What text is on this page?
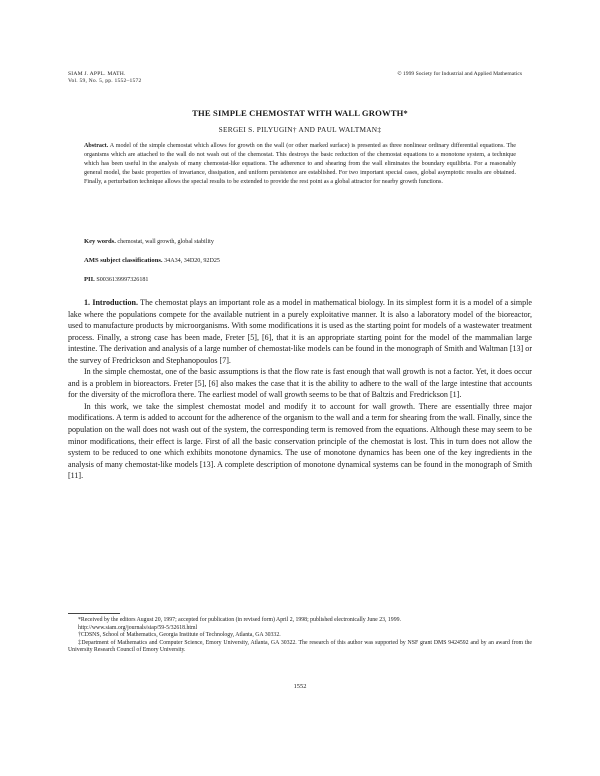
SIAM J. APPL. MATH.
Vol. 59, No. 5, pp. 1552–1572
© 1999 Society for Industrial and Applied Mathematics
THE SIMPLE CHEMOSTAT WITH WALL GROWTH*
SERGEI S. PILYUGIN† AND PAUL WALTMAN‡
Abstract. A model of the simple chemostat which allows for growth on the wall (or other marked surface) is presented as three nonlinear ordinary differential equations. The organisms which are attached to the wall do not wash out of the chemostat. This destroys the basic reduction of the chemostat equations to a monotone system, a technique which has been useful in the analysis of many chemostat-like equations. The adherence to and shearing from the wall eliminates the boundary equilibria. For a reasonably general model, the basic properties of invariance, dissipation, and uniform persistence are established. For two important special cases, global asymptotic results are obtained. Finally, a perturbation technique allows the special results to be extended to provide the rest point as a global attractor for nearby growth functions.
Key words. chemostat, wall growth, global stability
AMS subject classifications. 34A34, 34D20, 92D25
PII. S0036139997326181

1. Introduction. The chemostat plays an important role as a model in mathematical biology. In its simplest form it is a model of a simple lake where the populations compete for the available nutrient in a purely exploitative manner. It is also a laboratory model of the bioreactor, used to manufacture products by microorganisms. With some modifications it is used as the starting point for models of a wastewater treatment process. Finally, a strong case has been made, Freter [5], [6], that it is an appropriate starting point for the model of the mammalian large intestine. The derivation and analysis of a large number of chemostat-like models can be found in the monograph of Smith and Waltman [13] or the survey of Fredrickson and Stephanopoulos [7].

In the simple chemostat, one of the basic assumptions is that the flow rate is fast enough that wall growth is not a factor. Yet, it does occur and is a problem in bioreactors. Freter [5], [6] also makes the case that it is the ability to adhere to the wall of the large intestine that accounts for the diversity of the microflora there. The earliest model of wall growth seems to be that of Baltzis and Fredrickson [1].

In this work, we take the simplest chemostat model and modify it to account for wall growth. There are essentially three major modifications. A term is added to account for the adherence of the organism to the wall and a term for shearing from the wall. Finally, since the population on the wall does not wash out of the system, the corresponding term is removed from the equations. Although these may seem to be minor modifications, their effect is large. First of all the basic conservation principle of the chemostat is lost. This in turn does not allow the system to be reduced to one which exhibits monotone dynamics. The use of monotone dynamics has been one of the key ingredients in the analysis of many chemostat-like models [13]. A complete description of monotone dynamical systems can be found in the monograph of Smith [11].

*Received by the editors August 20, 1997; accepted for publication (in revised form) April 2, 1998; published electronically June 23, 1999.

http://www.siam.org/journals/siap/59-5/32618.html

†CDSNS, School of Mathematics, Georgia Institute of Technology, Atlanta, GA 30332.

‡Department of Mathematics and Computer Science, Emory University, Atlanta, GA 30322. The research of this author was supported by NSF grant DMS 9424592 and by an award from the University Research Council of Emory University.

1552
